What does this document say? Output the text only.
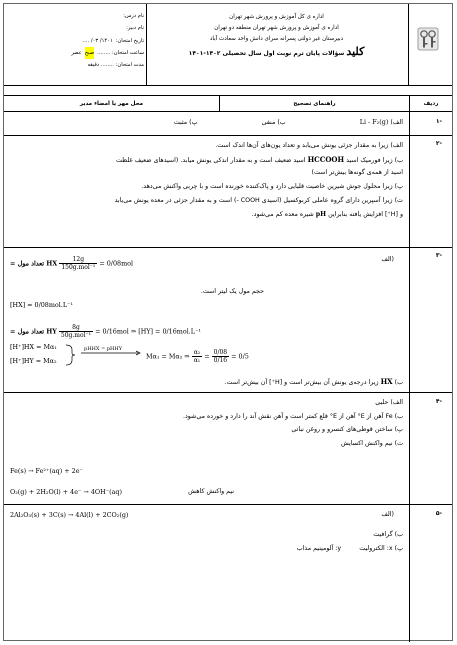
نام درس:
نام دبیر:
تاریخ امتحان:
۱۴۰۱/ ۰۳/ ....
ساعت امتحان: ........
صبح
عصر
مدت امتحان: ........ دقیقه
اداره ی کل آموزش و پرورش شهر تهران
اداره ی آموزش و پرورش شهر تهران منطقه دو تهران
دبیرستان غیر دولتی پسرانه سرای دانش واحد سعادت آباد
کلید سؤالات پایان ترم نوبت اول سال تحصیلی ۱۴۰۲-۱۴۰۱
محل مهر یا امضاء مدیر	راهنمای تصحیح	ردیف
-۱
الف) Li - F₂(g)  ب) منفی  پ) مثبت
-۲
الف) زیرا به مقدار جزئی یونش می‌یابد و تعداد یون‌های آن‌ها اندک است.
ب) زیرا فورمیک اسید HCCOOH اسید ضعیف است و به مقدار اندکی یونش میابد. (اسیدهای ضعیف غلظت
اسید از همه‌ی گونه‌ها بیش‌تر است)
پ) زیرا محلول جوش شیرین خاصیت قلیایی دارد و پاک‌کننده خورنده است و با چربی واکنش می‌دهد.
ت) زیرا آسپرین دارای گروه عاملی کربوکسیل (اسیدی COOH -) است و به مقدار جزئی در معده یونش می‌یابد
و [H⁺] افزایش یافته بنابراین pH شیره معده کم می‌شود.
-۳
= تعداد مول HX $\frac{12g}{\text{150g.mol⁻¹}} = 0/08mol$	(الف
حجم مول یک لیتر است.
[HX] = 0/08mol.L⁻¹
= تعداد مول HY $\frac{8g}{\text{50g.mol⁻¹}} = 0/16mol$ ⇒ [HY] = 0/16mol.L⁻¹
[H⁺]HX = Mα₁
[H⁺]HY = Mα₂
pHHX = pHHY
Mα₁ = Mα₂ ⇒ $\frac{\text{α₂}}{\text{α₁}} = \frac{0/08}{0/16} = 0/5$
ب) HX زیرا درجه‌ی یونش آن بیش‌تر است و [H⁺] آن بیش‌تر است.
-۴
الف) حلبی
ب) Fe آهن از E° آهن از E° قلع کمتر است و آهن نقش آند را دارد و خورده می‌شود.
پ) ساختن قوطی‌های کنسرو و روغن نباتی
ت) نیم واکنش اکسایش
Fe(s) → Fe²⁺(aq) + 2e⁻
O₂(g) + 2H₂O(l) + 4e⁻ → 4OH⁻(aq)	نیم واکنش کاهش
-۵
2Al₂O₃(s) + 3C(s) → 4Al(l) + 2CO₂(g)	(الف
ب) گرافیت
پ) x: الکترولیت  y: آلومینیم مذاب
